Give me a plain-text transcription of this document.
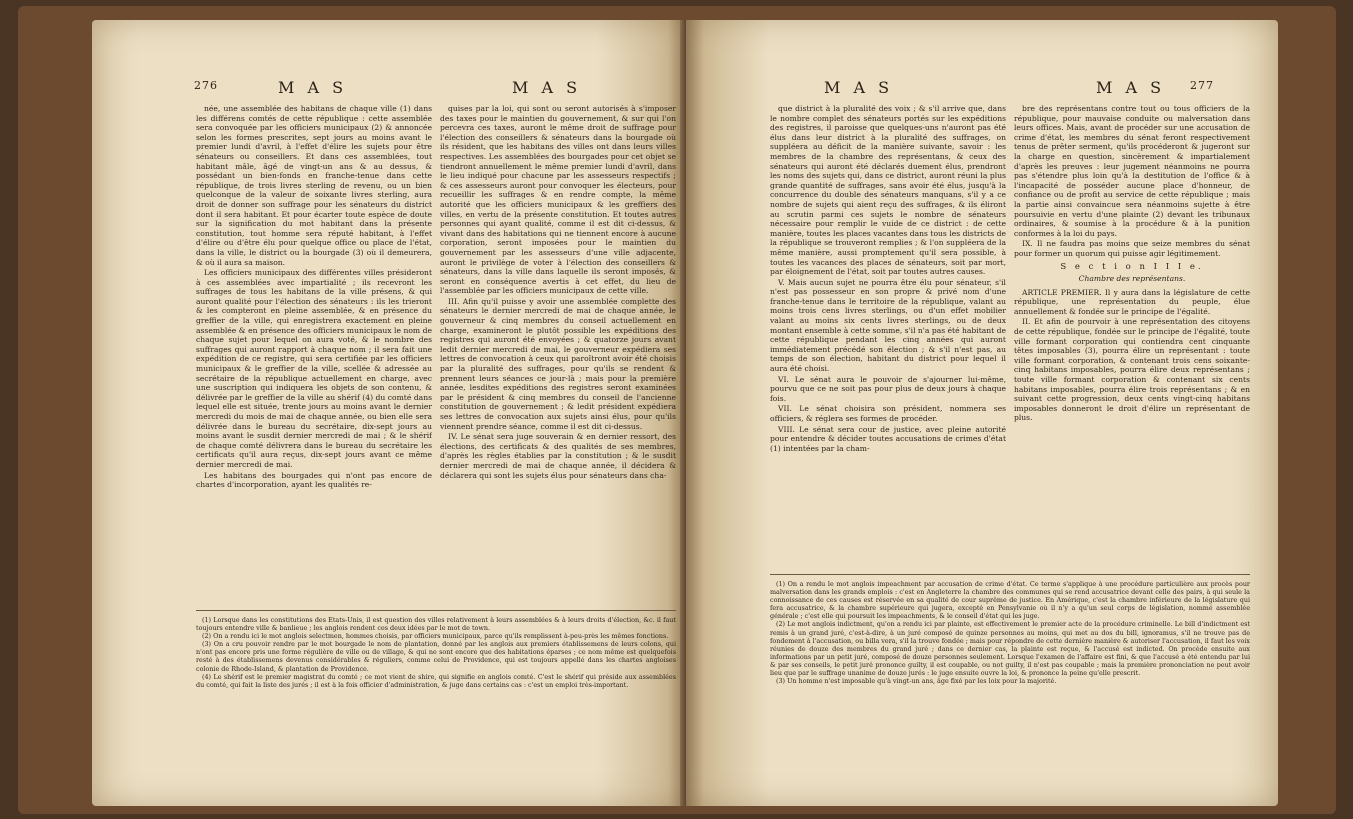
276	M A S	M A S

née, une assemblée des habitans de chaque ville (1) dans les différens comtés de cette république : cette assemblée sera convoquée par les officiers municipaux (2) & annoncée selon les formes prescrites, sept jours au moins avant le premier lundi d'avril, à l'effet d'élire les sujets pour être sénateurs ou conseillers. Et dans ces assemblées, tout habitant mâle, âgé de vingt-un ans & au dessus, & possédant un bien-fonds en franche-tenue dans cette république, de trois livres sterling de revenu, ou un bien quelconque de la valeur de soixante livres sterling, aura droit de donner son suffrage pour les sénateurs du district dont il sera habitant. Et pour écarter toute espèce de doute sur la signification du mot habitant dans la présente constitution, tout homme sera réputé habitant, à l'effet d'élire ou d'être élu pour quelque office ou place de l'état, dans la ville, le district ou la bourgade (3) où il demeurera, & où il aura sa maison.

Les officiers municipaux des différentes villes présideront à ces assemblées avec impartialité ; ils recevront les suffrages de tous les habitans de la ville présens, & qui auront qualité pour l'élection des sénateurs : ils les trieront & les compteront en pleine assemblée, & en présence du greffier de la ville, qui enregistrera exactement en pleine assemblée & en présence des officiers municipaux le nom de chaque sujet pour lequel on aura voté, & le nombre des suffrages qui auront rapport à chaque nom ; il sera fait une expédition de ce registre, qui sera certifiée par les officiers municipaux & le greffier de la ville, scellée & adressée au secrétaire de la république actuellement en charge, avec une suscription qui indiquera les objets de son contenu, & délivrée par le greffier de la ville au shérif (4) du comté dans lequel elle est située, trente jours au moins avant le dernier mercredi du mois de mai de chaque année, ou bien elle sera délivrée dans le bureau du secrétaire, dix-sept jours au moins avant le susdit dernier mercredi de mai ; & le shérif de chaque comté délivrera dans le bureau du secrétaire les certificats qu'il aura reçus, dix-sept jours avant ce même dernier mercredi de mai.

Les habitans des bourgades qui n'ont pas encore de chartes d'incorporation, ayant les qualités re-

quises par la loi, qui sont ou seront autorisés à s'imposer des taxes pour le maintien du gouvernement, & sur qui l'on percevra ces taxes, auront le même droit de suffrage pour l'élection des conseillers & sénateurs dans la bourgade où ils résident, que les habitans des villes ont dans leurs villes respectives. Les assemblées des bourgades pour cet objet se tiendront annuellement le même premier lundi d'avril, dans le lieu indiqué pour chacune par les assesseurs respectifs ; & ces assesseurs auront pour convoquer les électeurs, pour recueillir les suffrages & en rendre compte, la même autorité que les officiers municipaux & les greffiers des villes, en vertu de la présente constitution. Et toutes autres personnes qui ayant qualité, comme il est dit ci-dessus, & vivant dans des habitations qui ne tiennent encore à aucune corporation, seront imposées pour le maintien du gouvernement par les assesseurs d'une ville adjacente, auront le privilège de voter à l'élection des conseillers & sénateurs, dans la ville dans laquelle ils seront imposés, & seront en conséquence avertis à cet effet, du lieu de l'assemblée par les officiers municipaux de cette ville.

III. Afin qu'il puisse y avoir une assemblée complette des sénateurs le dernier mercredi de mai de chaque année, le gouverneur & cinq membres du conseil actuellement en charge, examineront le plutôt possible les expéditions des registres qui auront été envoyées ; & quatorze jours avant ledit dernier mercredi de mai, le gouverneur expédiera ses lettres de convocation à ceux qui paroîtront avoir été choisis par la pluralité des suffrages, pour qu'ils se rendent & prennent leurs séances ce jour-là ; mais pour la première année, lesdites expéditions des registres seront examinées par le président & cinq membres du conseil de l'ancienne constitution de gouvernement ; & ledit président expédiera ses lettres de convocation aux sujets ainsi élus, pour qu'ils viennent prendre séance, comme il est dit ci-dessus.

IV. Le sénat sera juge souverain & en dernier ressort, des élections, des certificats & des qualités de ses membres, d'après les règles établies par la constitution ; & le susdit dernier mercredi de mai de chaque année, il décidera & déclarera qui sont les sujets élus pour sénateurs dans cha-

(1) Lorsque dans les constitutions des Etats-Unis, il est question des villes relativement à leurs assemblées & à leurs droits d'élection, &c. il faut toujours entendre ville & banlieue ; les anglois rendent ces deux idées par le mot de town.

(2) On a rendu ici le mot anglois selectmen, hommes choisis, par officiers municipaux, parce qu'ils remplissent à-peu-près les mêmes fonctions.

(3) On a cru pouvoir rendre par le mot bourgade le nom de plantation, donné par les anglois aux premiers établissemens de leurs colons, qui n'ont pas encore pris une forme régulière de ville ou de village, & qui ne sont encore que des habitations éparses ; ce nom même est quelquefois resté à des établissemens devenus considérables & réguliers, comme celui de Providence, qui est toujours appellé dans les chartes angloises colonie de Rhode-Island, & plantation de Providence.

(4) Le shérif est le premier magistrat du comté ; ce mot vient de shire, qui signifie en anglois comté. C'est le shérif qui préside aux assemblées du comté, qui fait la liste des jurés ; il est à la fois officier d'administration, & juge dans certains cas : c'est un emploi très-important.

M A S	M A S 277

que district à la pluralité des voix ; & s'il arrive que, dans le nombre complet des sénateurs portés sur les expéditions des registres, il paroisse que quelques-uns n'auront pas été élus dans leur district à la pluralité des suffrages, on suppléera au déficit de la manière suivante, savoir : les membres de la chambre des représentans, & ceux des sénateurs qui auront été déclarés duement élus, prendront les noms des sujets qui, dans ce district, auront réuni la plus grande quantité de suffrages, sans avoir été élus, jusqu'à la concurrence du double des sénateurs manquans, s'il y a ce nombre de sujets qui aient reçu des suffrages, & ils éliront au scrutin parmi ces sujets le nombre de sénateurs nécessaire pour remplir le vuide de ce district : de cette manière, toutes les places vacantes dans tous les districts de la république se trouveront remplies ; & l'on suppléera de la même manière, aussi promptement qu'il sera possible, à toutes les vacances des places de sénateurs, soit par mort, par éloignement de l'état, soit par toutes autres causes.

V. Mais aucun sujet ne pourra être élu pour sénateur, s'il n'est pas possesseur en son propre & privé nom d'une franche-tenue dans le territoire de la république, valant au moins trois cens livres sterlings, ou d'un effet mobilier valant au moins six cents livres sterlings, ou de deux montant ensemble à cette somme, s'il n'a pas été habitant de cette république pendant les cinq années qui auront immédiatement précédé son élection ; & s'il n'est pas, au temps de son élection, habitant du district pour lequel il aura été choisi.

VI. Le sénat aura le pouvoir de s'ajourner lui-même, pourvu que ce ne soit pas pour plus de deux jours à chaque fois.

VII. Le sénat choisira son président, nommera ses officiers, & réglera ses formes de procéder.

VIII. Le sénat sera cour de justice, avec pleine autorité pour entendre & décider toutes accusations de crimes d'état (1) intentées par la cham-

bre des représentans contre tout ou tous officiers de la république, pour mauvaise conduite ou malversation dans leurs offices. Mais, avant de procéder sur une accusation de crime d'état, les membres du sénat feront respectivement tenus de prêter serment, qu'ils procéderont & jugeront sur la charge en question, sincèrement & impartialement d'après les preuves : leur jugement néanmoins ne pourra pas s'étendre plus loin qu'à la destitution de l'office & à l'incapacité de posséder aucune place d'honneur, de confiance ou de profit au service de cette république ; mais la partie ainsi convaincue sera néanmoins sujette à être poursuivie en vertu d'une plainte (2) devant les tribunaux ordinaires, & soumise à la procédure & à la punition conformes à la loi du pays.

IX. Il ne faudra pas moins que seize membres du sénat pour former un quorum qui puisse agir légitimement.

S e c t i o n I I I e.
Chambre des représentans.

ARTICLE PREMIER. Il y aura dans la législature de cette république, une représentation du peuple, élue annuellement & fondée sur le principe de l'égalité.

II. Et afin de pourvoir à une représentation des citoyens de cette république, fondée sur le principe de l'égalité, toute ville formant corporation qui contiendra cent cinquante têtes imposables (3), pourra élire un représentant : toute ville formant corporation, & contenant trois cens soixante-cinq habitans imposables, pourra élire deux représentans ; toute ville formant corporation & contenant six cents habitans imposables, pourra élire trois représentans ; & en suivant cette progression, deux cents vingt-cinq habitans imposables donneront le droit d'élire un représentant de plus.

(1) On a rendu le mot anglois impeachment par accusation de crime d'état. Ce terme s'applique à une procédure particulière aux procès pour malversation dans les grands emplois : c'est en Angleterre la chambre des communes qui se rend accusatrice devant celle des pairs, à qui seule la connoissance de ces causes est réservée en sa qualité de cour suprême de justice. En Amérique, c'est la chambre inférieure de la législature qui fera accusatrice, & la chambre supérieure qui jugera, excepté en Pensylvanie où il n'y a qu'un seul corps de législation, nommé assemblée générale ; c'est elle qui poursuit les impeachments, & le conseil d'état qui les juge.

(2) Le mot anglois indictment, qu'on a rendu ici par plainte, est effectivement le premier acte de la procédure criminelle. Le bill d'indictment est remis à un grand juré, c'est-à-dire, à un juré composé de quinze personnes au moins, qui met au dos du bill, ignoramus, s'il ne trouve pas de fondement à l'accusation, ou billa vera, s'il la trouve fondée ; mais pour répondre de cette dernière manière & autoriser l'accusation, il faut les voix réunies de douze des membres du grand juré ; dans ce dernier cas, la plainte est reçue, & l'accusé est indicted. On procède ensuite aux informations par un petit juré, composé de douze personnes seulement. Lorsque l'examen de l'affaire est fini, & que l'accusé a été entendu par lui & par ses conseils, le petit juré prononce guilty, il est coupable, ou not guilty, il n'est pas coupable ; mais la première prononciation ne peut avoir lieu que par le suffrage unanime de douze jurés : le juge ensuite ouvre la loi, & prononce la peine qu'elle prescrit.

(3) Un homme n'est imposable qu'à vingt-un ans, âge fixé par les loix pour la majorité.
